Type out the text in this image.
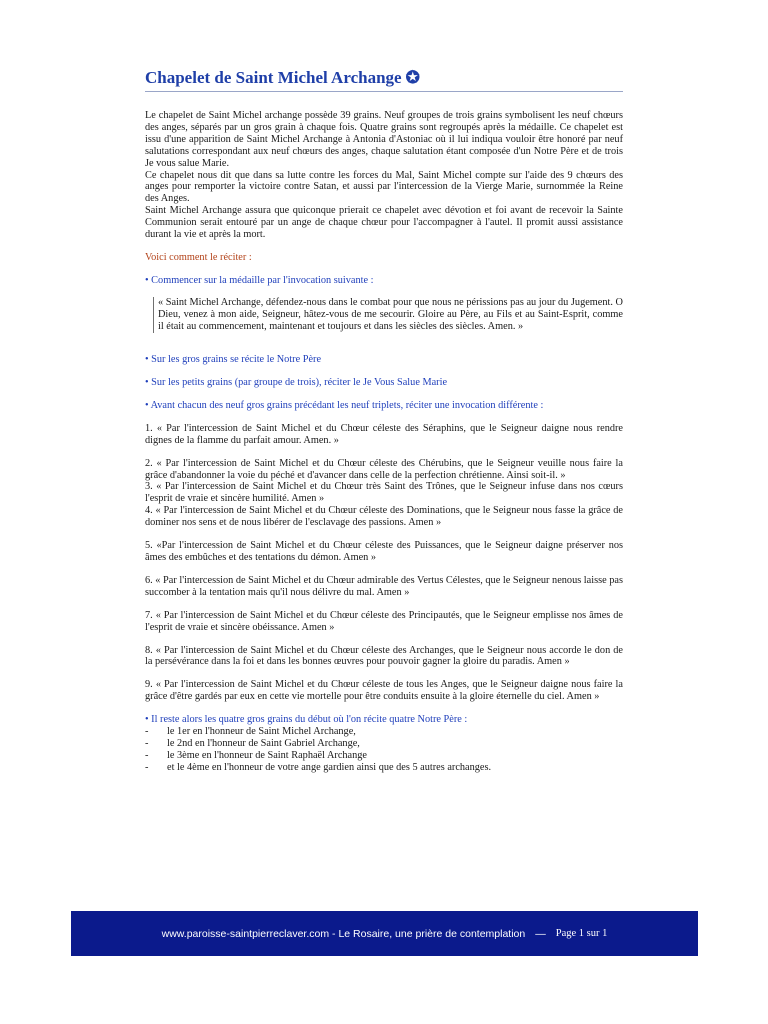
Chapelet de Saint Michel Archange ✪

Le chapelet de Saint Michel archange possède 39 grains. Neuf groupes de trois grains symbolisent les neuf chœurs des anges, séparés par un gros grain à chaque fois. Quatre grains sont regroupés après la médaille. Ce chapelet est issu d'une apparition de Saint Michel Archange à Antonia d'Astoniac où il lui indiqua vouloir être honoré par neuf salutations correspondant aux neuf chœurs des anges, chaque salutation étant composée d'un Notre Père et de trois Je vous salue Marie.

Ce chapelet nous dit que dans sa lutte contre les forces du Mal, Saint Michel compte sur l'aide des 9 chœurs des anges pour remporter la victoire contre Satan, et aussi par l'intercession de la Vierge Marie, surnommée la Reine des Anges.

Saint Michel Archange assura que quiconque prierait ce chapelet avec dévotion et foi avant de recevoir la Sainte Communion serait entouré par un ange de chaque chœur pour l'accompagner à l'autel. Il promit aussi assistance durant la vie et après la mort.

Voici comment le réciter :

• Commencer sur la médaille par l'invocation suivante :

« Saint Michel Archange, défendez-nous dans le combat pour que nous ne périssions pas au jour du Jugement. O Dieu, venez à mon aide, Seigneur, hâtez-vous de me secourir. Gloire au Père, au Fils et au Saint-Esprit, comme il était au commencement, maintenant et toujours et dans les siècles des siècles. Amen. »

• Sur les gros grains se récite le Notre Père

• Sur les petits grains (par groupe de trois), réciter le Je Vous Salue Marie

• Avant chacun des neuf gros grains précédant les neuf triplets, réciter une invocation différente :

1. « Par l'intercession de Saint Michel et du Chœur céleste des Séraphins, que le Seigneur daigne nous rendre dignes de la flamme du parfait amour. Amen. »

2. « Par l'intercession de Saint Michel et du Chœur céleste des Chérubins, que le Seigneur veuille nous faire la grâce d'abandonner la voie du péché et d'avancer dans celle de la perfection chrétienne. Ainsi soit-il. »

3. « Par l'intercession de Saint Michel et du Chœur très Saint des Trônes, que le Seigneur infuse dans nos cœurs l'esprit de vraie et sincère humilité. Amen »

4. « Par l'intercession de Saint Michel et du Chœur céleste des Dominations, que le Seigneur nous fasse la grâce de dominer nos sens et de nous libérer de l'esclavage des passions. Amen »

5. «Par l'intercession de Saint Michel et du Chœur céleste des Puissances, que le Seigneur daigne préserver nos âmes des embûches et des tentations du démon. Amen »

6. « Par l'intercession de Saint Michel et du Chœur admirable des Vertus Célestes, que le Seigneur nenous laisse pas succomber à la tentation mais qu'il nous délivre du mal. Amen »

7. « Par l'intercession de Saint Michel et du Chœur céleste des Principautés, que le Seigneur emplisse nos âmes de l'esprit de vraie et sincère obéissance. Amen »

8. « Par l'intercession de Saint Michel et du Chœur céleste des Archanges, que le Seigneur nous accorde le don de la persévérance dans la foi et dans les bonnes œuvres pour pouvoir gagner la gloire du paradis. Amen »

9. « Par l'intercession de Saint Michel et du Chœur céleste de tous les Anges, que le Seigneur daigne nous faire la grâce d'être gardés par eux en cette vie mortelle pour être conduits ensuite à la gloire éternelle du ciel. Amen »

• Il reste alors les quatre gros grains du début où l'on récite quatre Notre Père :

-	le 1er en l'honneur de Saint Michel Archange,
-	le 2nd en l'honneur de Saint Gabriel Archange,
-	le 3ème en l'honneur de Saint Raphaël Archange
-	et le 4ème en l'honneur de votre ange gardien ainsi que des 5 autres archanges.
www.paroisse-saintpierreclaver.com
- Le Rosaire, une prière de contemplation — Page 1 sur 1
